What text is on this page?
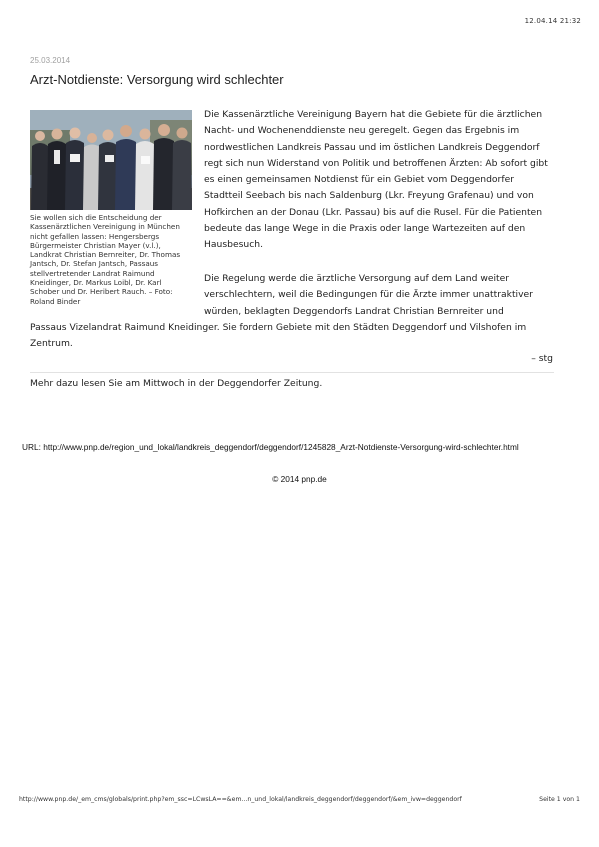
12.04.14 21:32
25.03.2014
Arzt-Notdienste: Versorgung wird schlechter
Sie wollen sich die Entscheidung der Kassenärztlichen Vereinigung in München nicht gefallen lassen: Hengersbergs Bürgermeister Christian Mayer (v.l.), Landkrat Christian Bernreiter, Dr. Thomas Jantsch, Dr. Stefan Jantsch, Passaus stellvertretender Landrat Raimund Kneidinger, Dr. Markus Loibl, Dr. Karl Schober und Dr. Heribert Rauch. – Foto: Roland Binder
Die Kassenärztliche Vereinigung Bayern hat die Gebiete für die ärztlichen Nacht- und Wochenenddienste neu geregelt. Gegen das Ergebnis im nordwestlichen Landkreis Passau und im östlichen Landkreis Deggendorf regt sich nun Widerstand von Politik und betroffenen Ärzten: Ab sofort gibt es einen gemeinsamen Notdienst für ein Gebiet vom Deggendorfer Stadtteil Seebach bis nach Saldenburg (Lkr. Freyung Grafenau) und von Hofkirchen an der Donau (Lkr. Passau) bis auf die Rusel. Für die Patienten bedeute das lange Wege in die Praxis oder lange Wartezeiten auf den Hausbesuch.
Die Regelung werde die ärztliche Versorgung auf dem Land weiter verschlechtern, weil die Bedingungen für die Ärzte immer unattraktiver würden, beklagten Deggendorfs Landrat Christian Bernreiter und
Passaus Vizelandrat Raimund Kneidinger. Sie fordern Gebiete mit den Städten Deggendorf und Vilshofen im Zentrum.
– stg
Mehr dazu lesen Sie am Mittwoch in der Deggendorfer Zeitung.
URL: http://www.pnp.de/region_und_lokal/landkreis_deggendorf/deggendorf/1245828_Arzt-Notdienste-Versorgung-wird-schlechter.html
© 2014 pnp.de
http://www.pnp.de/_em_cms/globals/print.php?em_ssc=LCwsLA==&em...n_und_lokal/landkreis_deggendorf/deggendorf/&em_ivw=deggendorf	Seite 1 von 1
